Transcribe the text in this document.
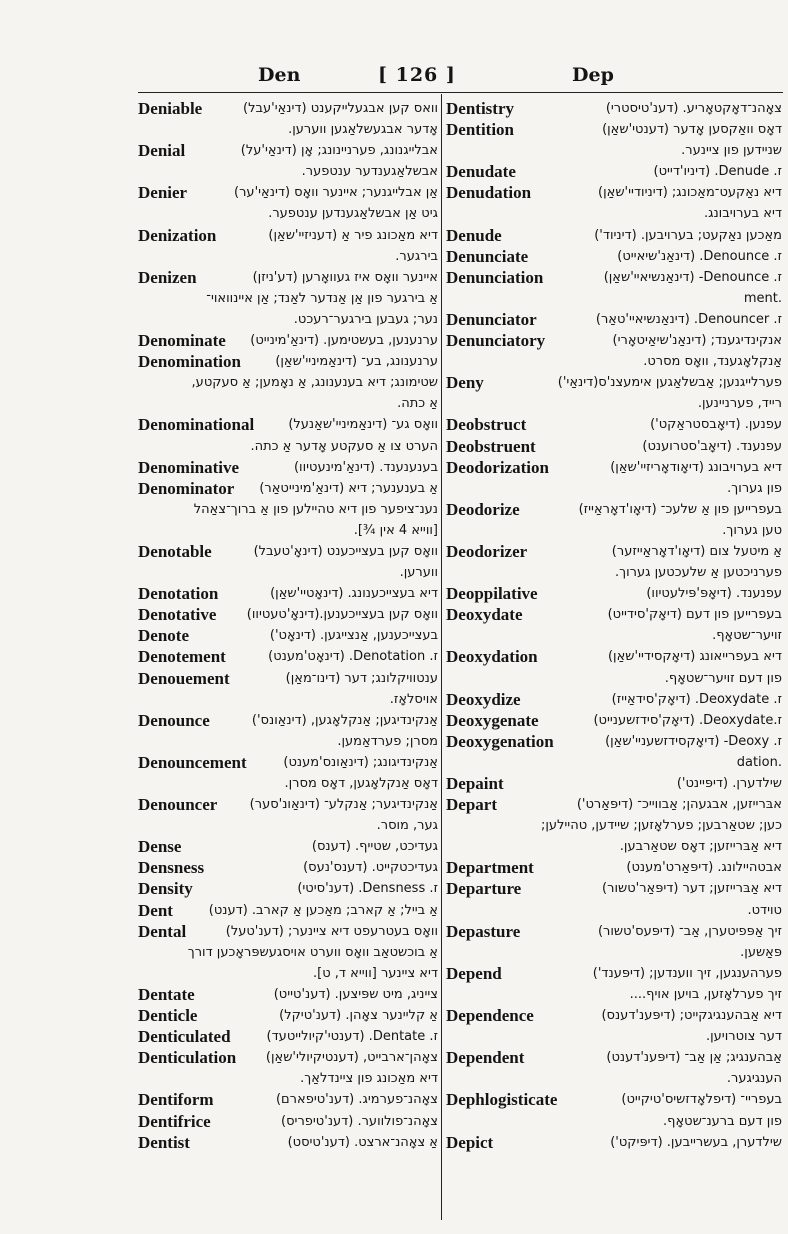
Den	[ 126 ]	Dep
Deniable	וואס קען אבגעלייקענט (דינאַי'עבל)
אָדער אבגעשלאַגען ווערען.
Denial	אבלייגנונג, פערניינונג; אָן (דינאַי'על)
אבשלאַגענדער ענטפער.
Denier	אַן אבלייגנער; איינער וואָס (דינאַי'ער)
גיט אַן אבשלאַגענדען ענטפער.
Denization	דיא מאַכונג פיר אַ (דעניזיי'שאַן)
בירגער.
Denizen	איינער וואָס איז געוואָרען (דע'ניזן)
אַ בירגער פון אַן אַנדער לאַנד; אַן איינוואוי־
נער; געבען בירגער־רעכט.
Denominate ערנענען, בעשטימען. (דינאַ'מינייט)
Denomination	ערנענונג, בע־ (דינאַמיניי'שאַן)
שטימונג; דיא בענענונג, אַ נאָמען; אַ סעקטע,
אַ כתה.
Denominational	וואָס גע־ (דינאַמיניי'שאַנעל)
הערט צו אַ סעקטע אָדער אַ כתה.
Denominative	בענענענד. (דינאַ'מינעטיוו)
Denominator אַ בענענער; דיא (דינאַ'מינייטאַר)
נענ־ציפער פון דיא טהיילען פון אַ ברוך־צאַהל
[ווייא 4 אין ¾].
Denotable	וואָס קען בעצייכענט (דינאָ'טעבל)
ווערען.
Denotation	דיא בעצייכענונג. (דינאָטיי'שאַן)
Denotative וואָס קען בעצייכענען.(דינאָ'טעטיוו)
Denote	בעצייכענען, אַנצייגען. (דינאָט')
Denotement	ז. Denotation. (דינאָט'מענט)
Denouement	ענטוויקלונג; דער (דינו־מאַן)
אויסלאָז.
Denounce	אַנקינדיגען; אַנקלאָגען, (דינאַונס')
מסרן; פערדאַמען.
Denouncement	אַנקינדיגונג; (דינאַונס'מענט)
דאָס אַנקלאָגען, דאָס מסרן.
Denouncer אַנקינדיגער; אַנקלע־ (דינאַונ'סער)
גער, מוסר.
Dense	געדיכט, שטייף. (דענס)
Densness	געדיכטקייט. (דענס'נעס)
Density	ז. Densness. (דענ'סיטי)
Dent	אַ בייל; אַ קארב; מאַכען אַ קארב. (דענט)
Dental	וואָס בעטרעפט דיא ציינער; (דענ'טעל)
אַ בוכשטאַב וואָס ווערט אויסגעשפּראָכען דורך
דיא ציינער [ווייא ד, ט].
Dentate	צייניג, מיט שפּיצען. (דענ'טייט)
Denticle	אַ קליינער צאָהן. (דענ'טיקל)
Denticulated	ז. Dentate. (דענטי'קיולייטעד)
Denticulation צאָהן־ארבייט, (דענטיקיולי'שאַן)
דיא מאַכונג פון ציינדלאַך.
Dentiform	צאָהנ־פערמיג. (דענ'טיפארם)
Dentifrice	צאָהנ־פולווער. (דענ'טיפריס)
Dentist	אַ צאָהנ־ארצט. (דענ'טיסט)
Dentistry	צאָהנ־דאָקטאָריע. (דענ'טיסטרי)
Dentition	דאָס וואַקסען אָדער (דענטי'שאַן)
שניידען פון ציינער.
Denudate	ז. Denude. (דיניו'דייט)
Denudation	דיא נאַקעט־מאַכונג; (דיניודיי'שאַן)
דיא בערויבונג.
Denude	מאַכען נאַקעט; בערויבען. (דיניוד')
Denunciate	ז. Denounce. (דינאַנ'שיאייט)
Denunciation	ז. Denounce- (דינאַנשיאיי'שאַן)
ment.
Denunciator	ז. Denouncer. (דינאַנשיאיי'טאַר)
Denunciatory	אנקינדיגענד; (דינאַנ'שיאַיטאָרי)
אַנקלאָגענד, וואָס מסרט.
Deny	פערלייגנען; אַבשלאַגען אימעצנ'ס(דינאַי')
רייד, פערניינען.
Deobstruct	עפנען. (דיאָבסטראַקט')
Deobstruent	עפנענד. (דיאָב'סטרוענט)
Deodorization	דיא בערויבונג (דיאָודאָריזיי'שאַן)
פון גערוך.
Deodorize	בעפרייען פון אַ שלעכ־ (דיאָו'דאָראַייז)
טען גערוך.
Deodorizer	אַ מיטעל צום (דיאָו'דאָראַייזער)
פערניכטען אַ שלעכטען גערוך.
Deoppilative	עפנענד. (דיאָפּ'פּילעטיוו)
Deoxydate	בעפרייען פון דעם (דיאָק'סידייט)
זויער־שטאָף.
Deoxydation	דיא בעפרייאונג (דיאָקסידיי'שאַן)
פון דעם זויער־שטאָף.
Deoxydize	ז. Deoxydate. (דיאָק'סידאַייז)
Deoxygenate	ז.Deoxydate. (דיאָק'סידזשענייט)
Deoxygenation	ז. Deoxy- (דיאָקסידזשעניי'שאַן)
dation.
Depaint	שילדערן. (דיפּיינט')
Depart	אבּרייזען, אבגעהן; אַבווייכ־ (דיפּאַרט')
כען; שטאַרבען; פערלאָזען; שיידען, טהיילען;
דיא אַבּרייזען; דאָס שטאַרבען.
Department	אבטהיילונג. (דיפּאַרט'מענט)
Departure	דיא אַבּרייזען; דער (דיפּאַר'טשור)
טוידט.
Depasture	זיך אַפּפיטערן, אַב־ (דיפּעס'טשור)
פּאַשען.
Depend	פערהענגען, זיך ווענדען; (דיפּענד')
זיך פערלאָזען, בויען אויף....
Dependence	דיא אַבהענגיגקייט; (דיפּענ'דענס)
דער צוטרויען.
Dependent	אַבהענגיג; אַן אַב־ (דיפּענ'דענט)
הענגיגער.
Dephlogisticate	בעפריי־ (דיפלאָדזשיס'טיקייט)
פון דעם ברענ־שטאָף.
Depict	שילדערן, בעשרייבען. (דיפּיקט')
